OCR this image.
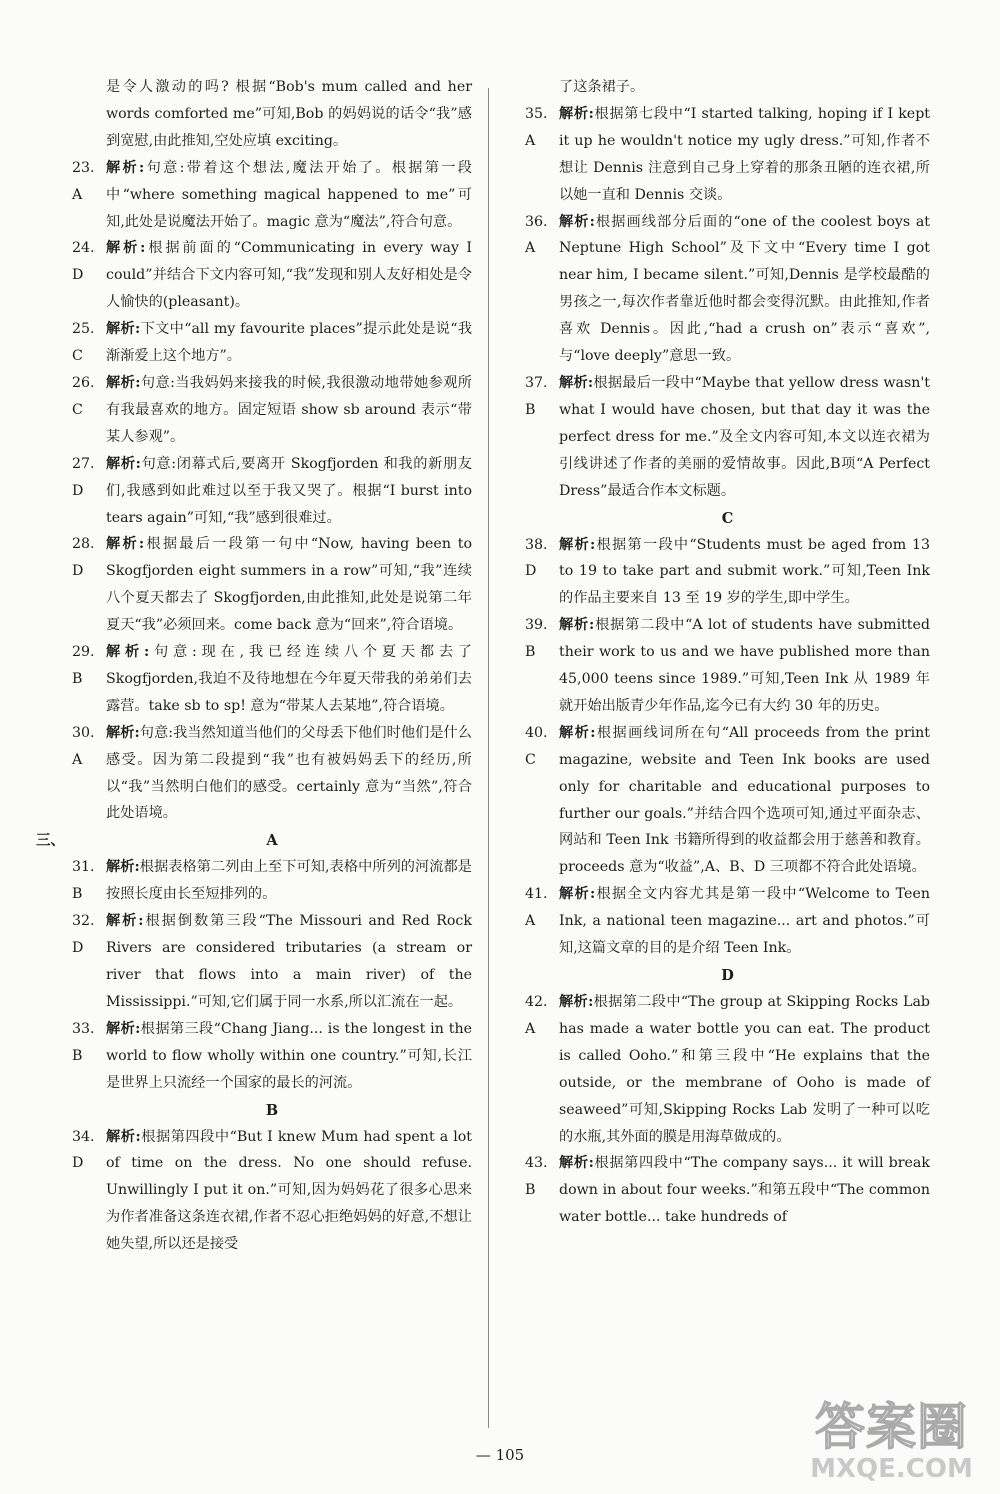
是令人激动的吗? 根据“Bob's mum called and her words comforted me”可知,Bob 的妈妈说的话令“我”感到宽慰,由此推知,空处应填 exciting。
23. A
解析:句意:带着这个想法,魔法开始了。根据第一段中“where something magical happened to me”可知,此处是说魔法开始了。magic 意为“魔法”,符合句意。
24. D
解析:根据前面的“Communicating in every way I could”并结合下文内容可知,“我”发现和别人友好相处是令人愉快的(pleasant)。
25. C
解析:下文中“all my favourite places”提示此处是说“我渐渐爱上这个地方”。
26. C
解析:句意:当我妈妈来接我的时候,我很激动地带她参观所有我最喜欢的地方。固定短语 show sb around 表示“带某人参观”。
27. D
解析:句意:闭幕式后,要离开 Skogfjorden 和我的新朋友们,我感到如此难过以至于我又哭了。根据“I burst into tears again”可知,“我”感到很难过。
28. D
解析:根据最后一段第一句中“Now, having been to Skogfjorden eight summers in a row”可知,“我”连续八个夏天都去了 Skogfjorden,由此推知,此处是说第二年夏天“我”必须回来。come back 意为“回来”,符合语境。
29. B
解析:句意:现在,我已经连续八个夏天都去了 Skogfjorden,我迫不及待地想在今年夏天带我的弟弟们去露营。take sb to sp! 意为“带某人去某地”,符合语境。
30. A
解析:句意:我当然知道当他们的父母丢下他们时他们是什么感受。因为第二段提到“我”也有被妈妈丢下的经历,所以“我”当然明白他们的感受。certainly 意为“当然”,符合此处语境。
三、	A
31. B
解析:根据表格第二列由上至下可知,表格中所列的河流都是按照长度由长至短排列的。
32. D
解析:根据倒数第三段“The Missouri and Red Rock Rivers are considered tributaries (a stream or river that flows into a main river) of the Mississippi.”可知,它们属于同一水系,所以汇流在一起。
33. B
解析:根据第三段“Chang Jiang... is the longest in the world to flow wholly within one country.”可知,长江是世界上只流经一个国家的最长的河流。
B
34. D
解析:根据第四段中“But I knew Mum had spent a lot of time on the dress. No one should refuse. Unwillingly I put it on.”可知,因为妈妈花了很多心思来为作者准备这条连衣裙,作者不忍心拒绝妈妈的好意,不想让她失望,所以还是接受
了这条裙子。
35. A
解析:根据第七段中“I started talking, hoping if I kept it up he wouldn't notice my ugly dress.”可知,作者不想让 Dennis 注意到自己身上穿着的那条丑陋的连衣裙,所以她一直和 Dennis 交谈。
36. A
解析:根据画线部分后面的“one of the coolest boys at Neptune High School”及下文中“Every time I got near him, I became silent.”可知,Dennis 是学校最酷的男孩之一,每次作者靠近他时都会变得沉默。由此推知,作者喜欢 Dennis。因此,“had a crush on”表示“喜欢”,与“love deeply”意思一致。
37. B
解析:根据最后一段中“Maybe that yellow dress wasn't what I would have chosen, but that day it was the perfect dress for me.”及全文内容可知,本文以连衣裙为引线讲述了作者的美丽的爱情故事。因此,B项“A Perfect Dress”最适合作本文标题。
C
38. D
解析:根据第一段中“Students must be aged from 13 to 19 to take part and submit work.”可知,Teen Ink 的作品主要来自 13 至 19 岁的学生,即中学生。
39. B
解析:根据第二段中“A lot of students have submitted their work to us and we have published more than 45,000 teens since 1989.”可知,Teen Ink 从 1989 年就开始出版青少年作品,迄今已有大约 30 年的历史。
40. C
解析:根据画线词所在句“All proceeds from the print magazine, website and Teen Ink books are used only for charitable and educational purposes to further our goals.”并结合四个选项可知,通过平面杂志、网站和 Teen Ink 书籍所得到的收益都会用于慈善和教育。proceeds 意为“收益”,A、B、D 三项都不符合此处语境。
41. A
解析:根据全文内容尤其是第一段中“Welcome to Teen Ink, a national teen magazine... art and photos.”可知,这篇文章的目的是介绍 Teen Ink。
D
42. A
解析:根据第二段中“The group at Skipping Rocks Lab has made a water bottle you can eat. The product is called Ooho.”和第三段中“He explains that the outside, or the membrane of Ooho is made of seaweed”可知,Skipping Rocks Lab 发明了一种可以吃的水瓶,其外面的膜是用海草做成的。
43. B
解析:根据第四段中“The company says... it will break down in about four weeks.”和第五段中“The common water bottle... take hundreds of
— 105	答案圈
MXQE.COM
